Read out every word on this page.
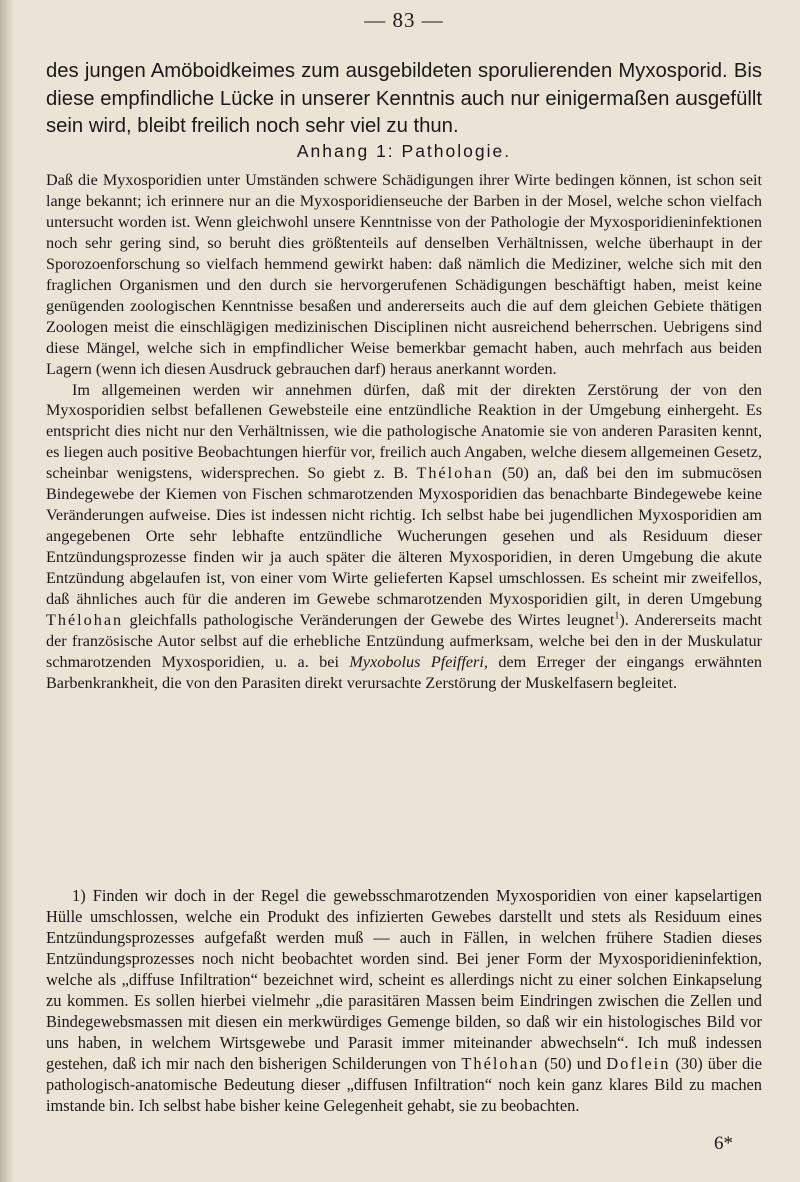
— 83 —
des jungen Amöboidkeimes zum ausgebildeten sporulierenden Myxosporid. Bis diese empfindliche Lücke in unserer Kenntnis auch nur einigermaßen ausgefüllt sein wird, bleibt freilich noch sehr viel zu thun.
Anhang 1: Pathologie.

Daß die Myxosporidien unter Umständen schwere Schädigungen ihrer Wirte bedingen können, ist schon seit lange bekannt; ich erinnere nur an die Myxosporidienseuche der Barben in der Mosel, welche schon vielfach untersucht worden ist. Wenn gleichwohl unsere Kenntnisse von der Pathologie der Myxosporidieninfektionen noch sehr gering sind, so beruht dies größtenteils auf denselben Verhältnissen, welche überhaupt in der Sporozoenforschung so vielfach hemmend gewirkt haben: daß nämlich die Mediziner, welche sich mit den fraglichen Organismen und den durch sie hervorgerufenen Schädigungen beschäftigt haben, meist keine genügenden zoologischen Kenntnisse besaßen und andererseits auch die auf dem gleichen Gebiete thätigen Zoologen meist die einschlägigen medizinischen Disciplinen nicht ausreichend beherrschen. Uebrigens sind diese Mängel, welche sich in empfindlicher Weise bemerkbar gemacht haben, auch mehrfach aus beiden Lagern (wenn ich diesen Ausdruck gebrauchen darf) heraus anerkannt worden.

Im allgemeinen werden wir annehmen dürfen, daß mit der direkten Zerstörung der von den Myxosporidien selbst befallenen Gewebsteile eine entzündliche Reaktion in der Umgebung einhergeht. Es entspricht dies nicht nur den Verhältnissen, wie die pathologische Anatomie sie von anderen Parasiten kennt, es liegen auch positive Beobachtungen hierfür vor, freilich auch Angaben, welche diesem allgemeinen Gesetz, scheinbar wenigstens, widersprechen. So giebt z. B. Thélohan (50) an, daß bei den im submucösen Bindegewebe der Kiemen von Fischen schmarotzenden Myxosporidien das benachbarte Bindegewebe keine Veränderungen aufweise. Dies ist indessen nicht richtig. Ich selbst habe bei jugendlichen Myxosporidien am angegebenen Orte sehr lebhafte entzündliche Wucherungen gesehen und als Residuum dieser Entzündungsprozesse finden wir ja auch später die älteren Myxosporidien, in deren Umgebung die akute Entzündung abgelaufen ist, von einer vom Wirte gelieferten Kapsel umschlossen. Es scheint mir zweifellos, daß ähnliches auch für die anderen im Gewebe schmarotzenden Myxosporidien gilt, in deren Umgebung Thélohan gleichfalls pathologische Veränderungen der Gewebe des Wirtes leugnet$^1$). Andererseits macht der französische Autor selbst auf die erhebliche Entzündung aufmerksam, welche bei den in der Muskulatur schmarotzenden Myxosporidien, u. a. bei Myxobolus Pfeifferi, dem Erreger der eingangs erwähnten Barbenkrankheit, die von den Parasiten direkt verursachte Zerstörung der Muskelfasern begleitet.

1) Finden wir doch in der Regel die gewebsschmarotzenden Myxosporidien von einer kapselartigen Hülle umschlossen, welche ein Produkt des infizierten Gewebes darstellt und stets als Residuum eines Entzündungsprozesses aufgefaßt werden muß — auch in Fällen, in welchen frühere Stadien dieses Entzündungsprozesses noch nicht beobachtet worden sind. Bei jener Form der Myxosporidieninfektion, welche als „diffuse Infiltration“ bezeichnet wird, scheint es allerdings nicht zu einer solchen Einkapselung zu kommen. Es sollen hierbei vielmehr „die parasitären Massen beim Eindringen zwischen die Zellen und Bindegewebsmassen mit diesen ein merkwürdiges Gemenge bilden, so daß wir ein histologisches Bild vor uns haben, in welchem Wirtsgewebe und Parasit immer miteinander abwechseln“. Ich muß indessen gestehen, daß ich mir nach den bisherigen Schilderungen von Thélohan (50) und Doflein (30) über die pathologisch-anatomische Bedeutung dieser „diffusen Infiltration“ noch kein ganz klares Bild zu machen imstande bin. Ich selbst habe bisher keine Gelegenheit gehabt, sie zu beobachten.

6*
